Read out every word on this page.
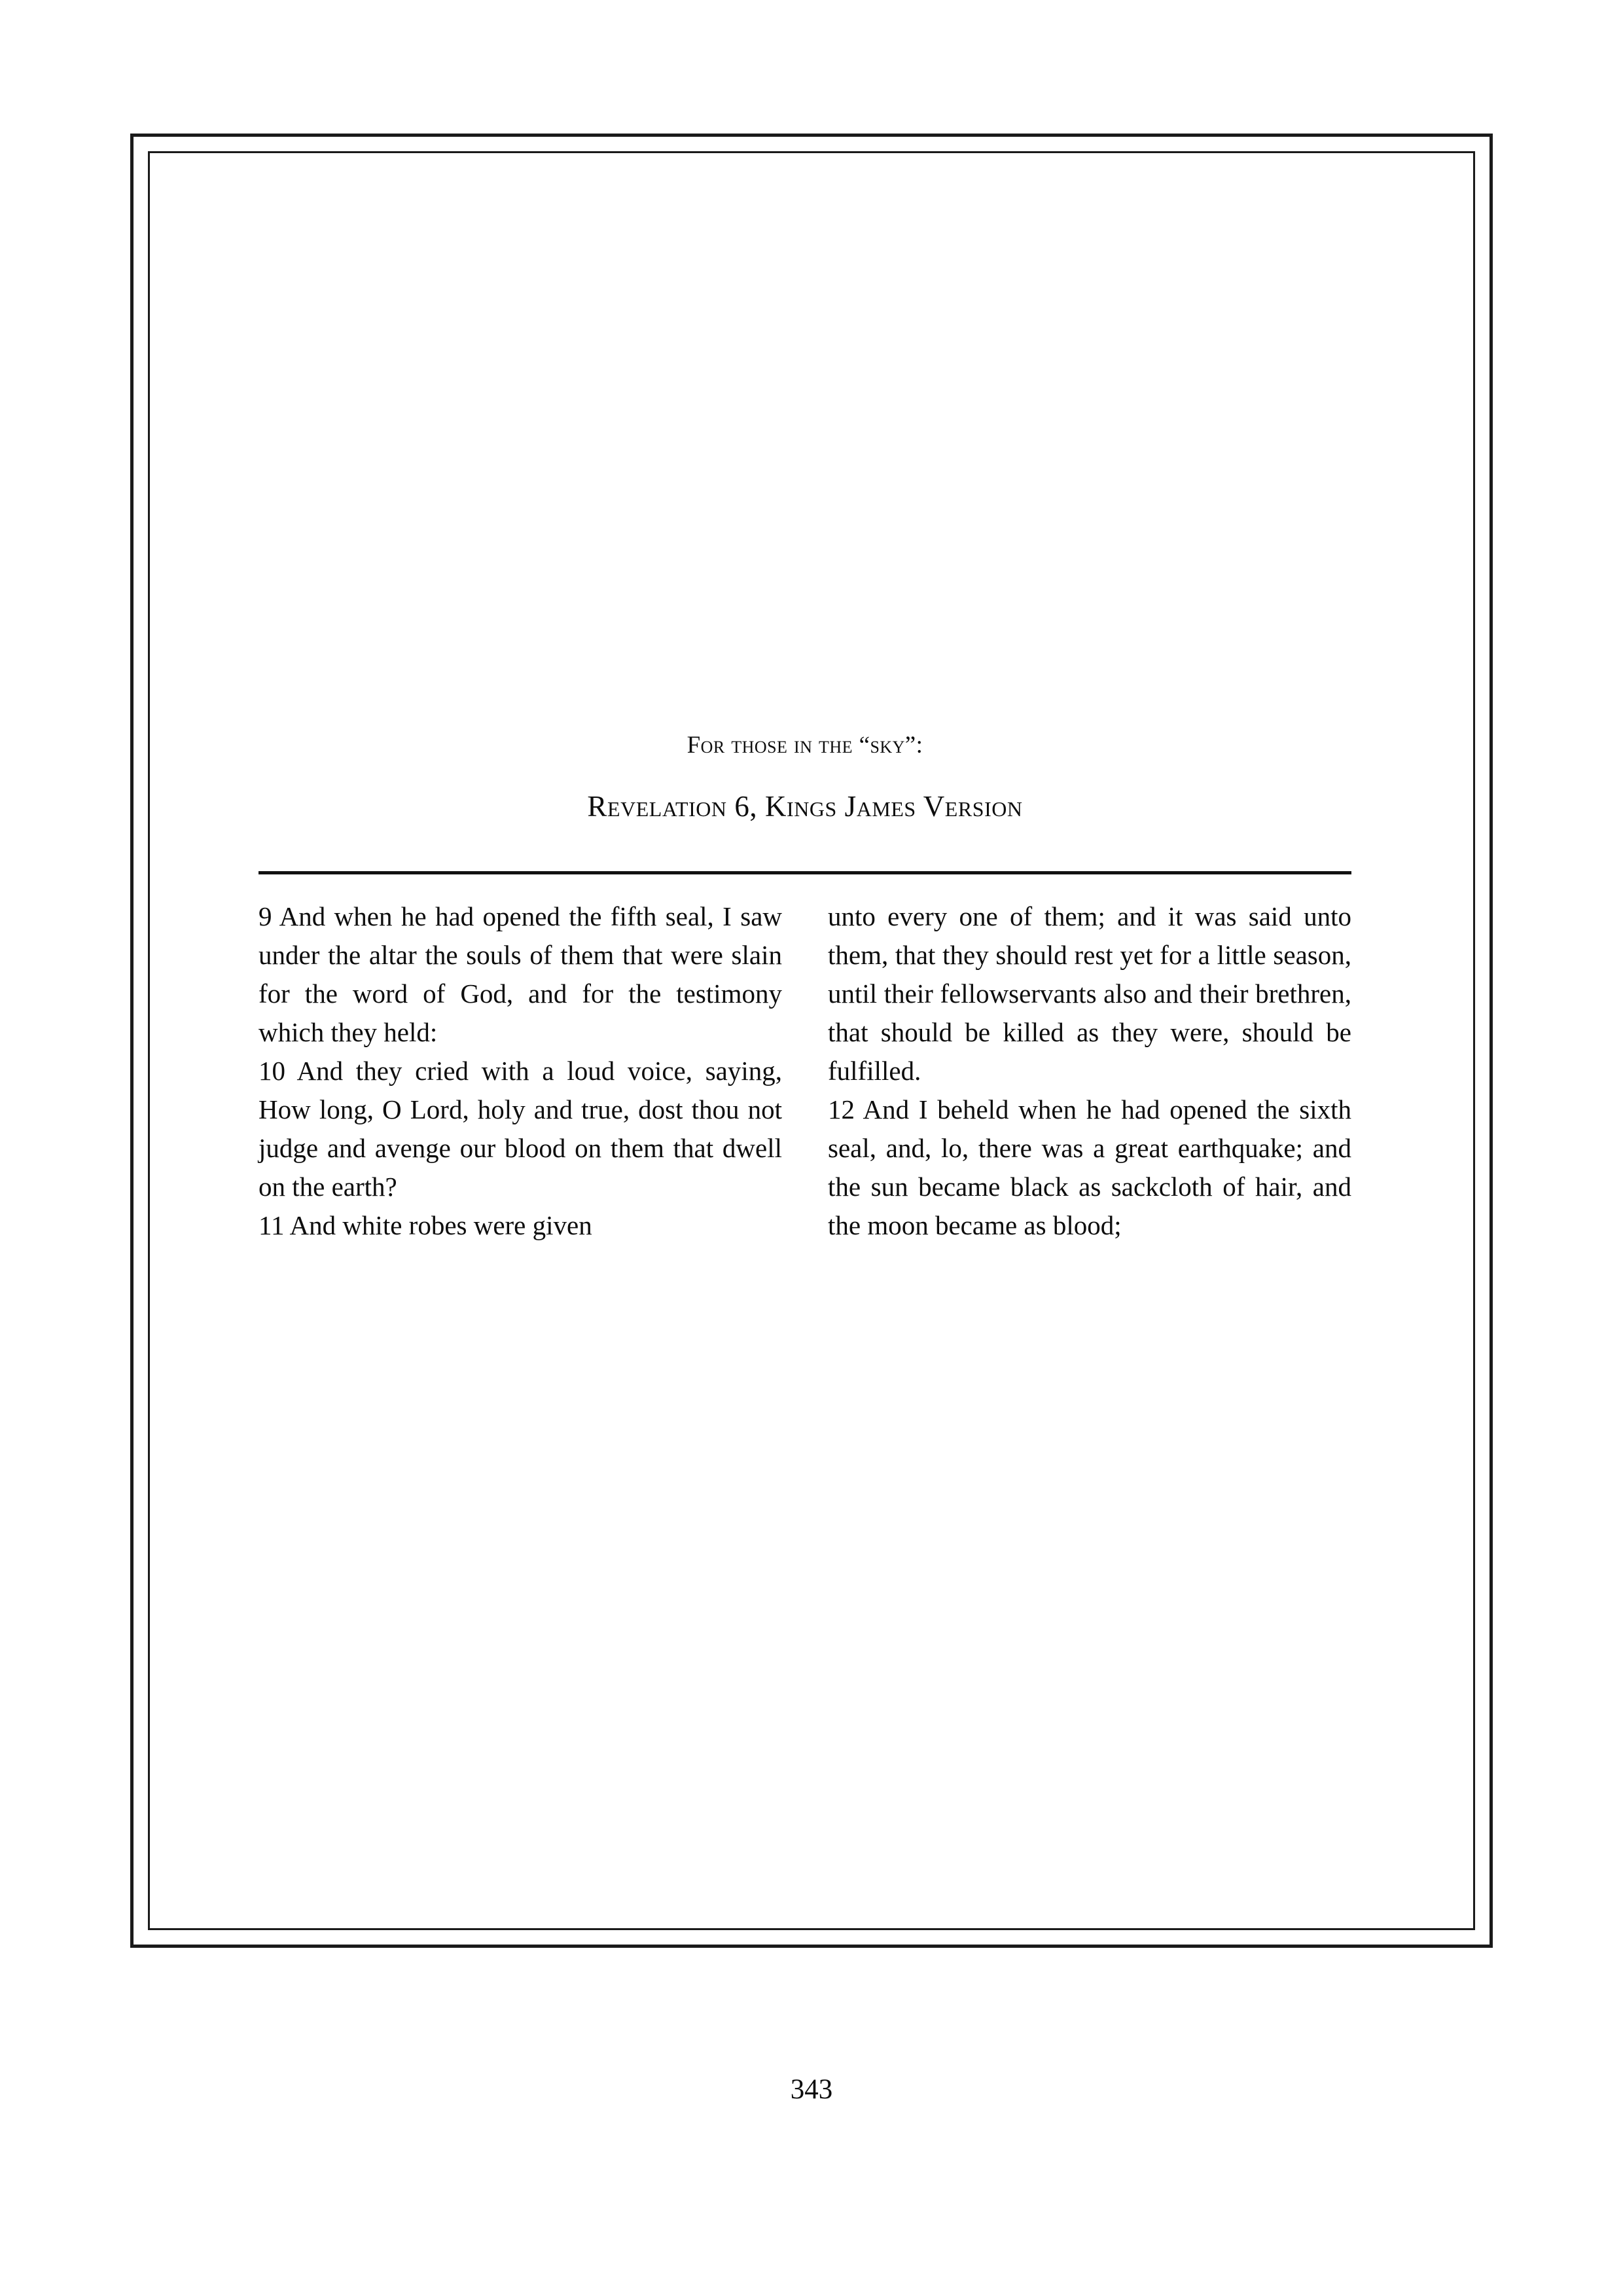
For those in the “sky”:
Revelation 6, Kings James Version

9 And when he had opened the fifth seal, I saw under the altar the souls of them that were slain for the word of God, and for the testimony which they held:

10 And they cried with a loud voice, saying, How long, O Lord, holy and true, dost thou not judge and avenge our blood on them that dwell on the earth?

11 And white robes were given

unto every one of them; and it was said unto them, that they should rest yet for a little season, until their fellowservants also and their brethren, that should be killed as they were, should be fulfilled.

12 And I beheld when he had opened the sixth seal, and, lo, there was a great earthquake; and the sun became black as sackcloth of hair, and the moon became as blood;

343
